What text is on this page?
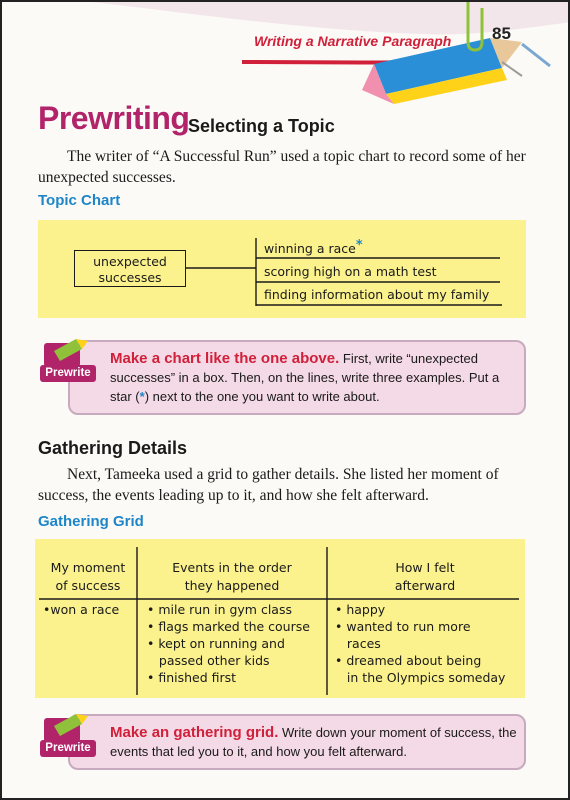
Writing a Narrative Paragraph 85
Prewriting
Selecting a Topic
The writer of “A Successful Run” used a topic chart to record some of her unexpected successes.
Topic Chart
unexpected
successes
winning a race*
scoring high on a math test
finding information about my family
Make a chart like the one above. First, write “unexpected successes” in a box. Then, on the lines, write three examples. Put a star (*) next to the one you want to write about.
Prewrite
Gathering Details
Next, Tameeka used a grid to gather details. She listed her moment of success, the events leading up to it, and how she felt afterward.
Gathering Grid
My moment
of success
Events in the order
they happened
How I felt
afterward
•won a race • mile run in gym class
• flags marked the course
• kept on running and
passed other kids
• finished first
• happy
• wanted to run more
races
• dreamed about being
in the Olympics someday
Make an gathering grid. Write down your moment of success, the events that led you to it, and how you felt afterward.
Prewrite
